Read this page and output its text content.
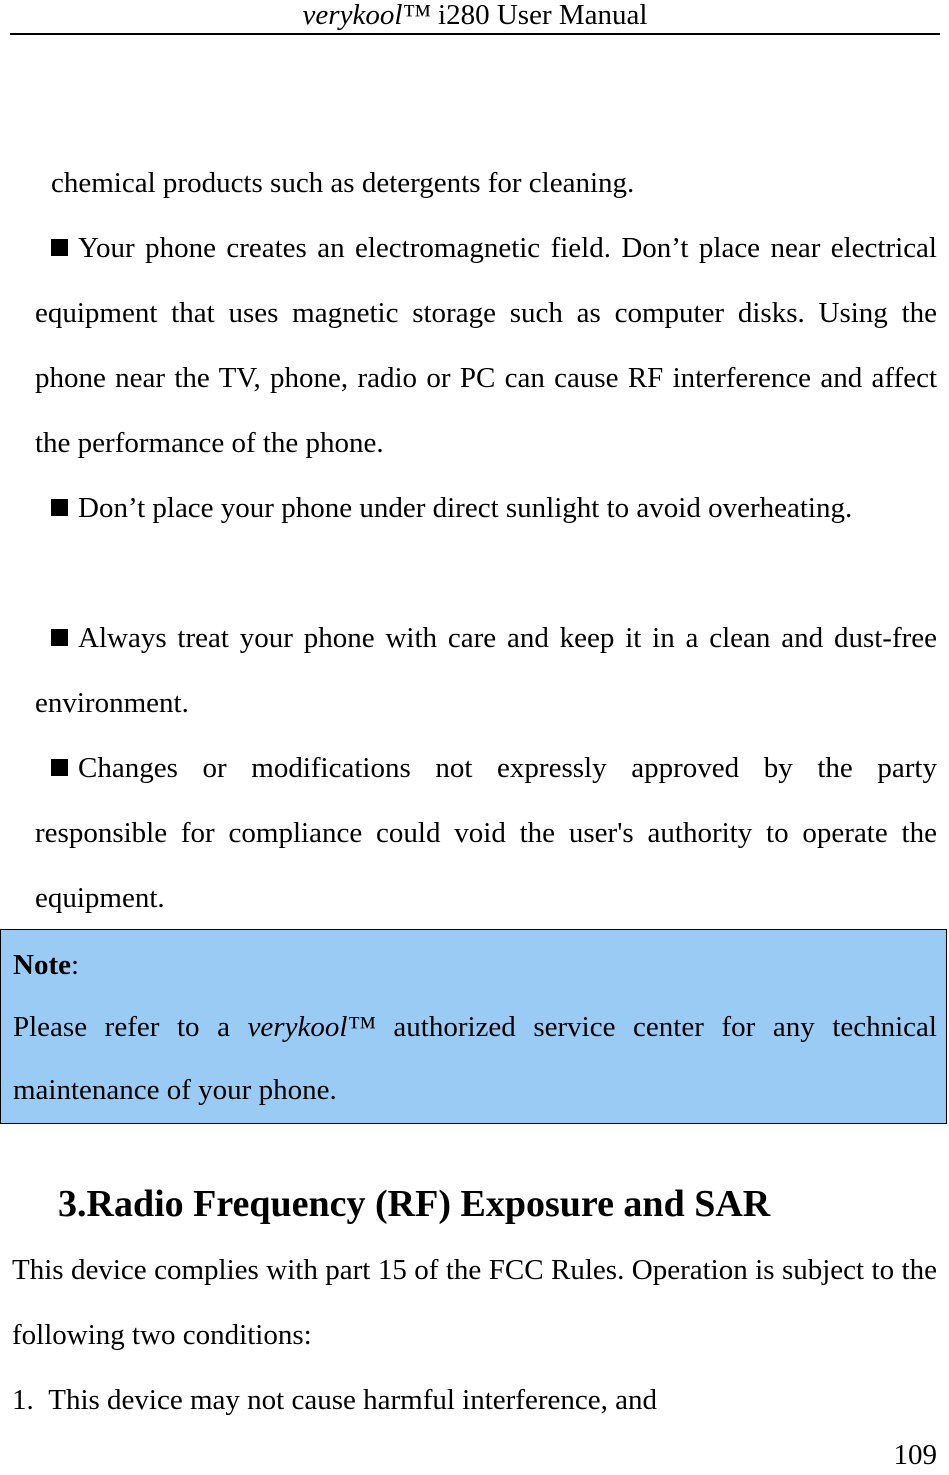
verykool™ i280 User Manual

chemical products such as detergents for cleaning.

Your phone creates an electromagnetic field. Don’t place near electrical equipment that uses magnetic storage such as computer disks. Using the phone near the TV, phone, radio or PC can cause RF interference and affect the performance of the phone.

Don’t place your phone under direct sunlight to avoid overheating.

Always treat your phone with care and keep it in a clean and dust-free environment.

Changes or modifications not expressly approved by the party responsible for compliance could void the user's authority to operate the equipment.

Note:

Please refer to a verykool™ authorized service center for any technical maintenance of your phone.

3.Radio Frequency (RF) Exposure and SAR

This device complies with part 15 of the FCC Rules. Operation is subject to the following two conditions:

1. This device may not cause harmful interference, and

109
